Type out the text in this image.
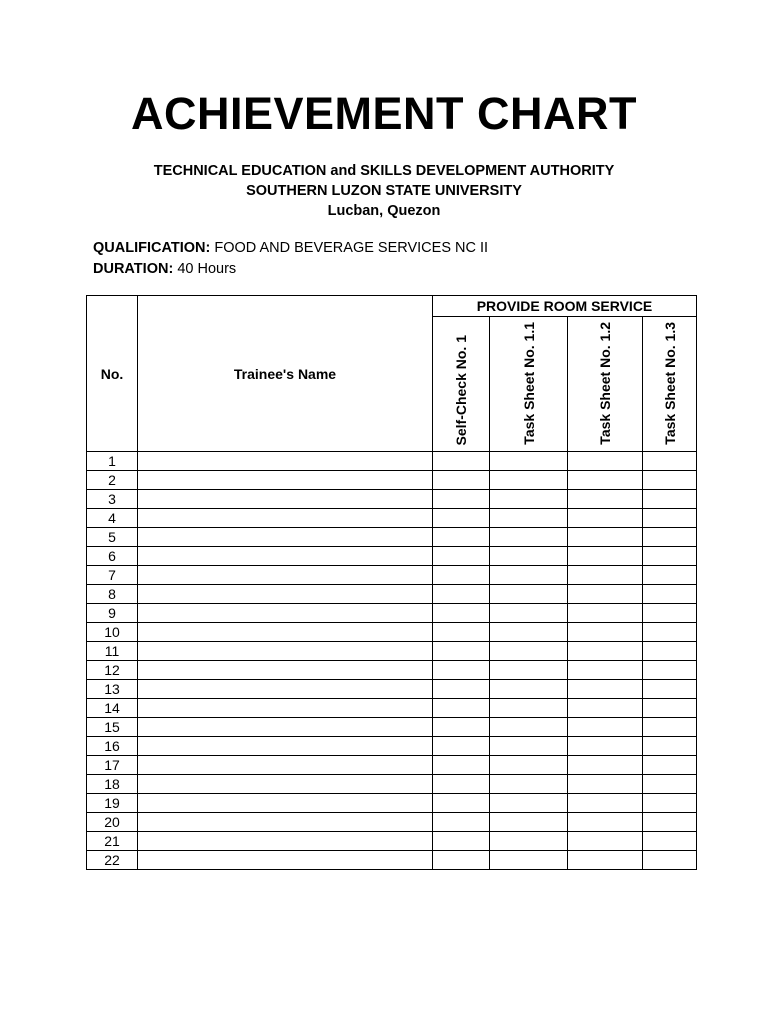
ACHIEVEMENT CHART

TECHNICAL EDUCATION and SKILLS DEVELOPMENT AUTHORITY

SOUTHERN LUZON STATE UNIVERSITY

Lucban, Quezon

QUALIFICATION: FOOD AND BEVERAGE SERVICES NC II

DURATION: 40 Hours

No.	Trainee's Name	PROVIDE ROOM SERVICE			

		Self-Check No. 1	Task Sheet No. 1.1	Task Sheet No. 1.2	Task Sheet No. 1.3

1					
2					
3					
4					
5					
6					
7					
8					
9					
10					
11					
12					
13					
14					
15					
16					
17					
18					
19					
20					
21					
22					
